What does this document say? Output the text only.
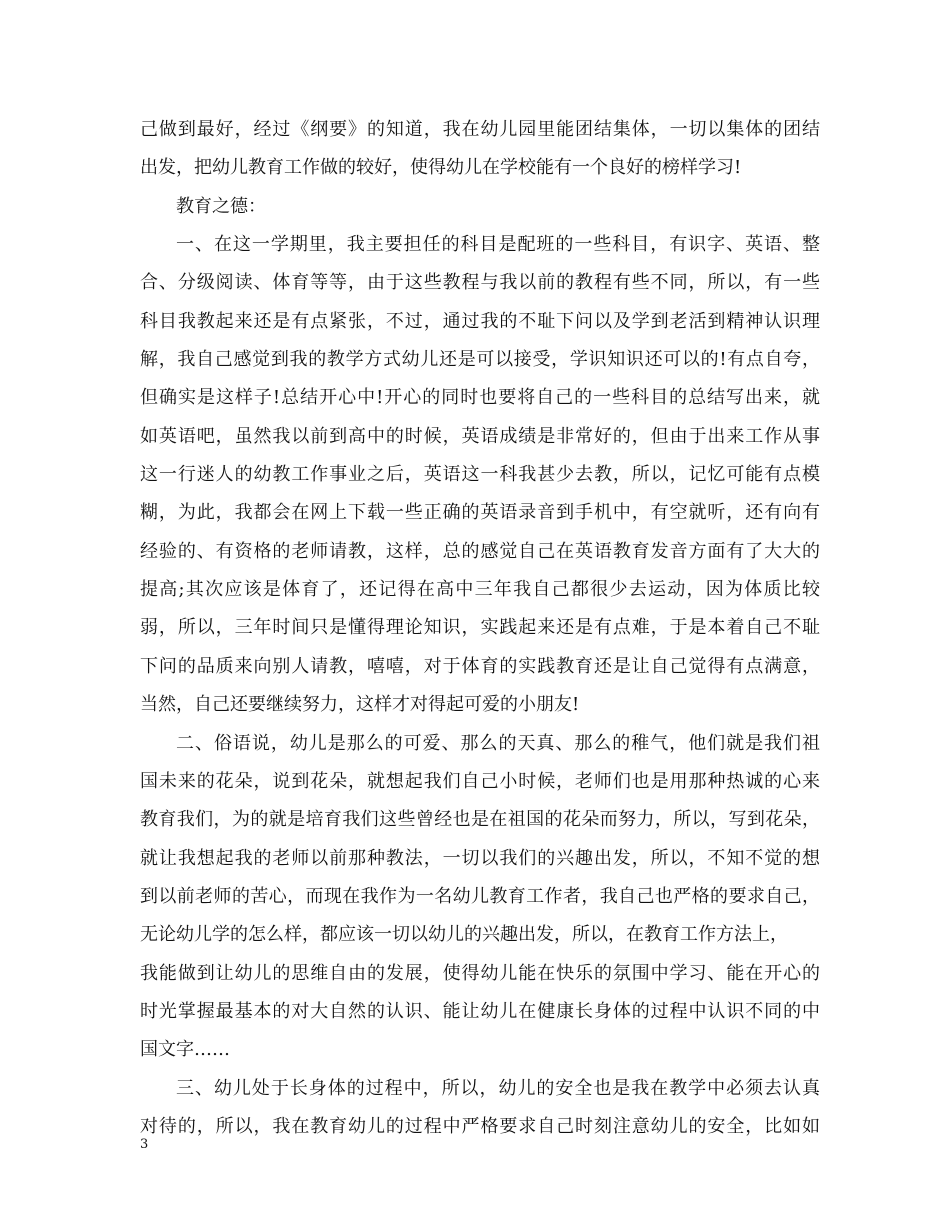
己做到最好，经过《纲要》的知道，我在幼儿园里能团结集体，一切以集体的团结
出发，把幼儿教育工作做的较好，使得幼儿在学校能有一个良好的榜样学习!
教育之德：
一、在这一学期里，我主要担任的科目是配班的一些科目，有识字、英语、整
合、分级阅读、体育等等，由于这些教程与我以前的教程有些不同，所以，有一些
科目我教起来还是有点紧张，不过，通过我的不耻下问以及学到老活到精神认识理
解，我自己感觉到我的教学方式幼儿还是可以接受，学识知识还可以的!有点自夸，
但确实是这样子!总结开心中!开心的同时也要将自己的一些科目的总结写出来，就
如英语吧，虽然我以前到高中的时候，英语成绩是非常好的，但由于出来工作从事
这一行迷人的幼教工作事业之后，英语这一科我甚少去教，所以，记忆可能有点模
糊，为此，我都会在网上下载一些正确的英语录音到手机中，有空就听，还有向有
经验的、有资格的老师请教，这样，总的感觉自己在英语教育发音方面有了大大的
提高;其次应该是体育了，还记得在高中三年我自己都很少去运动，因为体质比较
弱，所以，三年时间只是懂得理论知识，实践起来还是有点难，于是本着自己不耻
下问的品质来向别人请教，嘻嘻，对于体育的实践教育还是让自己觉得有点满意，
当然，自己还要继续努力，这样才对得起可爱的小朋友!
二、俗语说，幼儿是那么的可爱、那么的天真、那么的稚气，他们就是我们祖
国未来的花朵，说到花朵，就想起我们自己小时候，老师们也是用那种热诚的心来
教育我们，为的就是培育我们这些曾经也是在祖国的花朵而努力，所以，写到花朵，
就让我想起我的老师以前那种教法，一切以我们的兴趣出发，所以，不知不觉的想
到以前老师的苦心，而现在我作为一名幼儿教育工作者，我自己也严格的要求自己，
无论幼儿学的怎么样，都应该一切以幼儿的兴趣出发，所以，在教育工作方法上，
我能做到让幼儿的思维自由的发展，使得幼儿能在快乐的氛围中学习、能在开心的
时光掌握最基本的对大自然的认识、能让幼儿在健康长身体的过程中认识不同的中
国文字……
三、幼儿处于长身体的过程中，所以，幼儿的安全也是我在教学中必须去认真
对待的，所以，我在教育幼儿的过程中严格要求自己时刻注意幼儿的安全，比如如
3
